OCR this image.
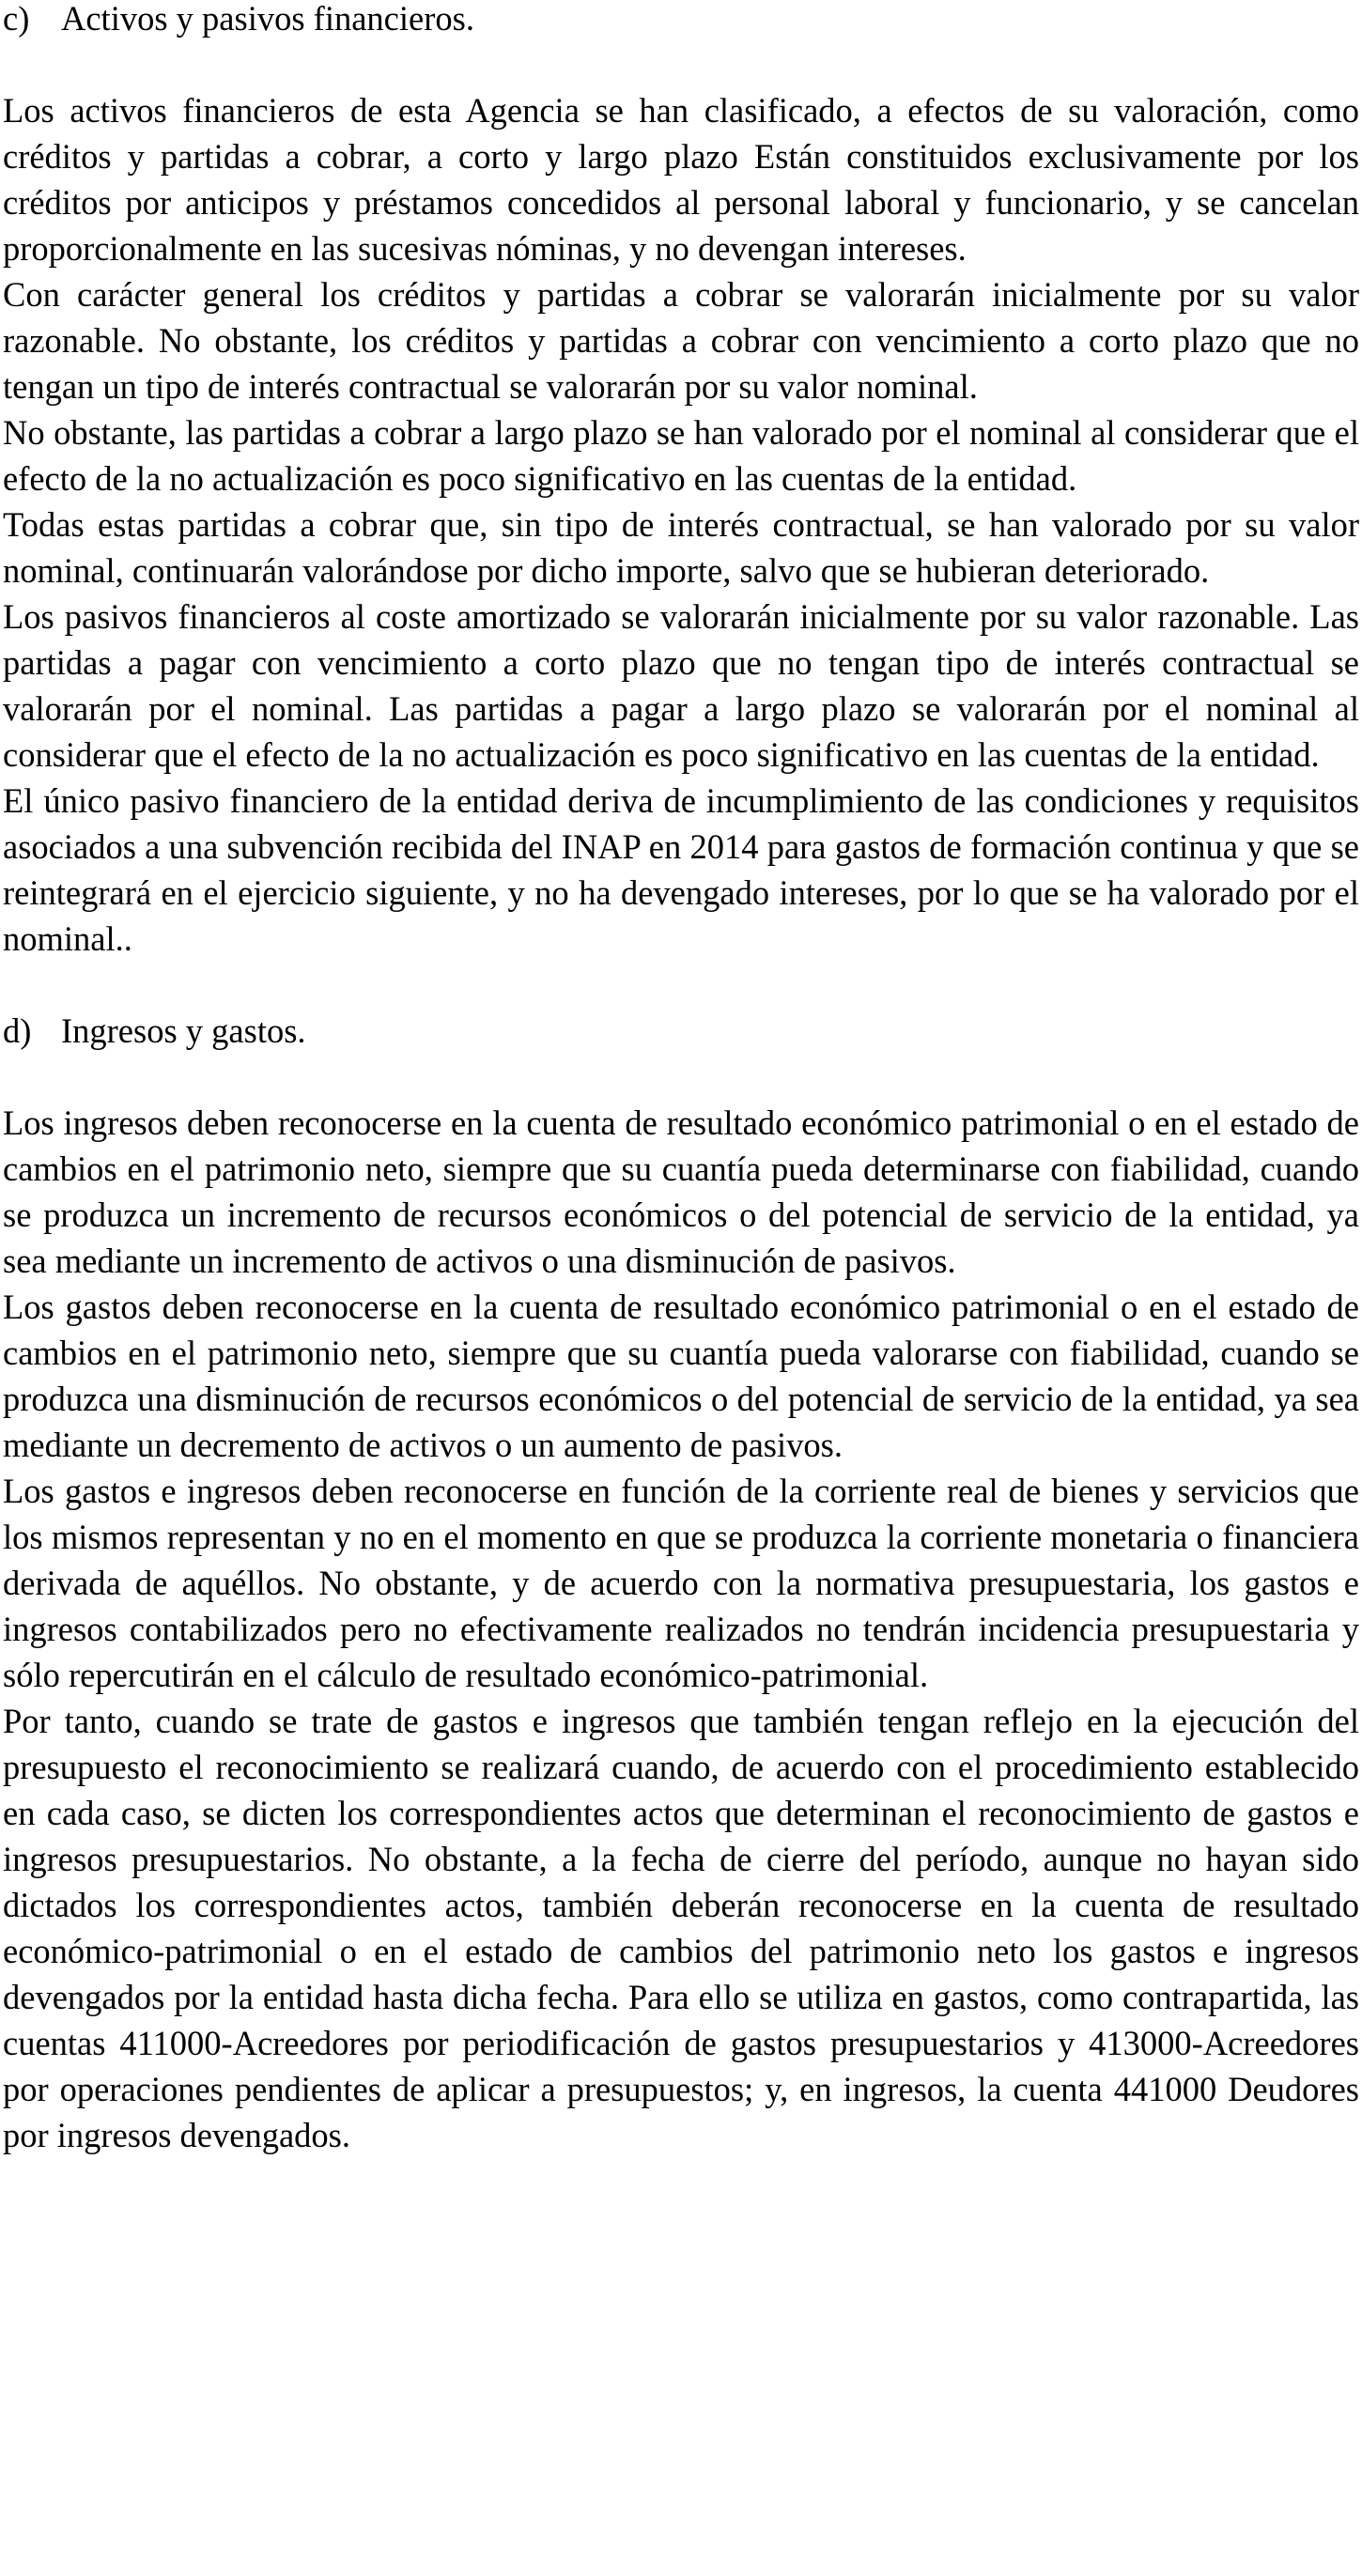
c) Activos y pasivos financieros.

Los activos financieros de esta Agencia se han clasificado, a efectos de su valoración, como créditos y partidas a cobrar, a corto y largo plazo Están constituidos exclusivamente por los créditos por anticipos y préstamos concedidos al personal laboral y funcionario, y se cancelan proporcionalmente en las sucesivas nóminas, y no devengan intereses.

Con carácter general los créditos y partidas a cobrar se valorarán inicialmente por su valor razonable. No obstante, los créditos y partidas a cobrar con vencimiento a corto plazo que no tengan un tipo de interés contractual se valorarán por su valor nominal.

No obstante, las partidas a cobrar a largo plazo se han valorado por el nominal al considerar que el efecto de la no actualización es poco significativo en las cuentas de la entidad.

Todas estas partidas a cobrar que, sin tipo de interés contractual, se han valorado por su valor nominal, continuarán valorándose por dicho importe, salvo que se hubieran deteriorado.

Los pasivos financieros al coste amortizado se valorarán inicialmente por su valor razonable. Las partidas a pagar con vencimiento a corto plazo que no tengan tipo de interés contractual se valorarán por el nominal. Las partidas a pagar a largo plazo se valorarán por el nominal al considerar que el efecto de la no actualización es poco significativo en las cuentas de la entidad.

El único pasivo financiero de la entidad deriva de incumplimiento de las condiciones y requisitos asociados a una subvención recibida del INAP en 2014 para gastos de formación continua y que se reintegrará en el ejercicio siguiente, y no ha devengado intereses, por lo que se ha valorado por el nominal..

d) Ingresos y gastos.

Los ingresos deben reconocerse en la cuenta de resultado económico patrimonial o en el estado de cambios en el patrimonio neto, siempre que su cuantía pueda determinarse con fiabilidad, cuando se produzca un incremento de recursos económicos o del potencial de servicio de la entidad, ya sea mediante un incremento de activos o una disminución de pasivos.

Los gastos deben reconocerse en la cuenta de resultado económico patrimonial o en el estado de cambios en el patrimonio neto, siempre que su cuantía pueda valorarse con fiabilidad, cuando se produzca una disminución de recursos económicos o del potencial de servicio de la entidad, ya sea mediante un decremento de activos o un aumento de pasivos.

Los gastos e ingresos deben reconocerse en función de la corriente real de bienes y servicios que los mismos representan y no en el momento en que se produzca la corriente monetaria o financiera derivada de aquéllos. No obstante, y de acuerdo con la normativa presupuestaria, los gastos e ingresos contabilizados pero no efectivamente realizados no tendrán incidencia presupuestaria y sólo repercutirán en el cálculo de resultado económico-patrimonial.

Por tanto, cuando se trate de gastos e ingresos que también tengan reflejo en la ejecución del presupuesto el reconocimiento se realizará cuando, de acuerdo con el procedimiento establecido en cada caso, se dicten los correspondientes actos que determinan el reconocimiento de gastos e ingresos presupuestarios. No obstante, a la fecha de cierre del período, aunque no hayan sido dictados los correspondientes actos, también deberán reconocerse en la cuenta de resultado económico-patrimonial o en el estado de cambios del patrimonio neto los gastos e ingresos devengados por la entidad hasta dicha fecha. Para ello se utiliza en gastos, como contrapartida, las cuentas 411000-Acreedores por periodificación de gastos presupuestarios y 413000-Acreedores por operaciones pendientes de aplicar a presupuestos; y, en ingresos, la cuenta 441000 Deudores por ingresos devengados.
